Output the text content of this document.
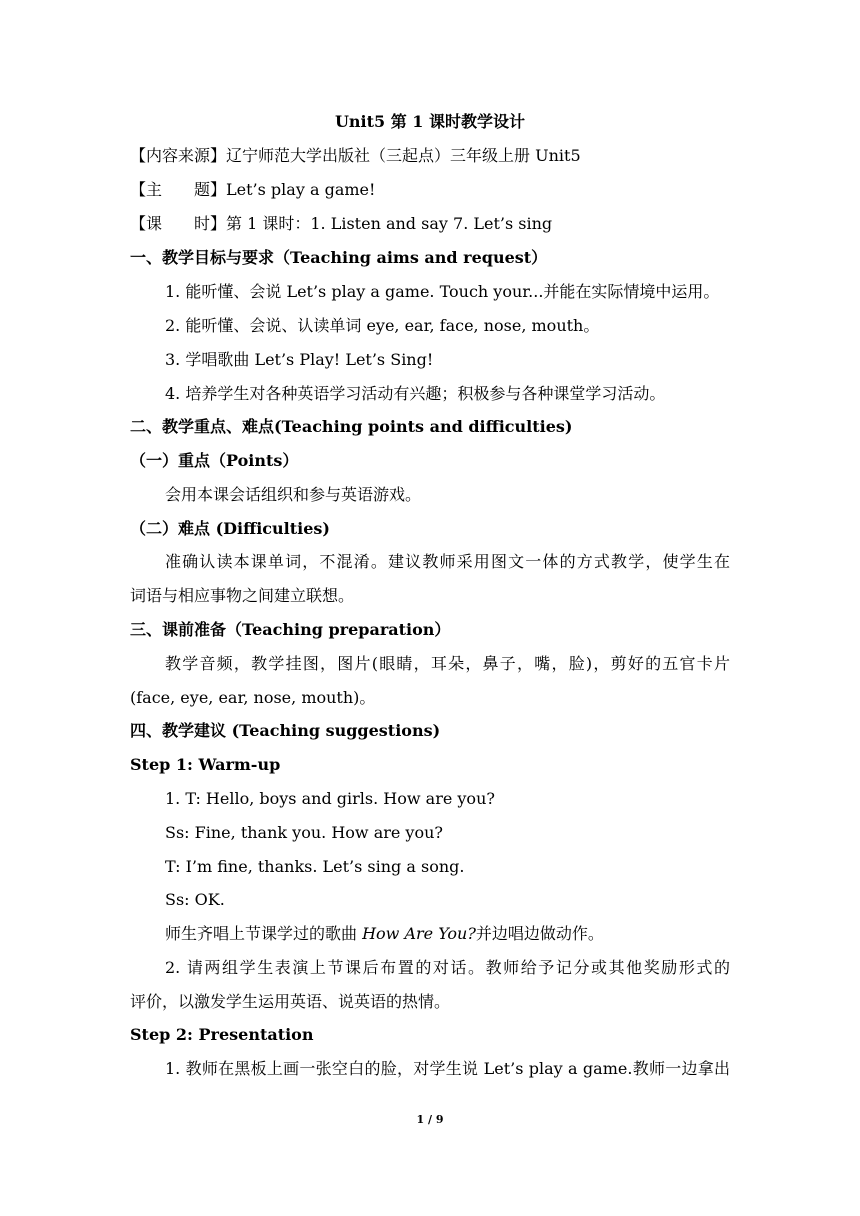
Unit5 第 1 课时教学设计
【内容来源】辽宁师范大学出版社（三起点）三年级上册 Unit5
【主　　题】Let’s play a game!
【课　　时】第 1 课时：1. Listen and say 7. Let’s sing
一、教学目标与要求（Teaching aims and request）
1. 能听懂、会说 Let’s play a game. Touch your...并能在实际情境中运用。
2. 能听懂、会说、认读单词 eye, ear, face, nose, mouth。
3. 学唱歌曲 Let’s Play! Let’s Sing!
4. 培养学生对各种英语学习活动有兴趣；积极参与各种课堂学习活动。
二、教学重点、难点(Teaching points and difficulties)
（一）重点（Points）
会用本课会话组织和参与英语游戏。
（二）难点 (Difficulties)
准确认读本课单词，不混淆。建议教师采用图文一体的方式教学，使学生在
词语与相应事物之间建立联想。
三、课前准备（Teaching preparation）
教学音频，教学挂图，图片(眼睛，耳朵，鼻子，嘴，脸)，剪好的五官卡片
(face, eye, ear, nose, mouth)。
四、教学建议 (Teaching suggestions)
Step 1: Warm-up
1. T: Hello, boys and girls. How are you?
Ss: Fine, thank you. How are you?
T: I’m fine, thanks. Let’s sing a song.
Ss: OK.
师生齐唱上节课学过的歌曲 How Are You?并边唱边做动作。
2. 请两组学生表演上节课后布置的对话。教师给予记分或其他奖励形式的
评价，以激发学生运用英语、说英语的热情。
Step 2: Presentation
1. 教师在黑板上画一张空白的脸，对学生说 Let’s play a game.教师一边拿出
1 / 9
